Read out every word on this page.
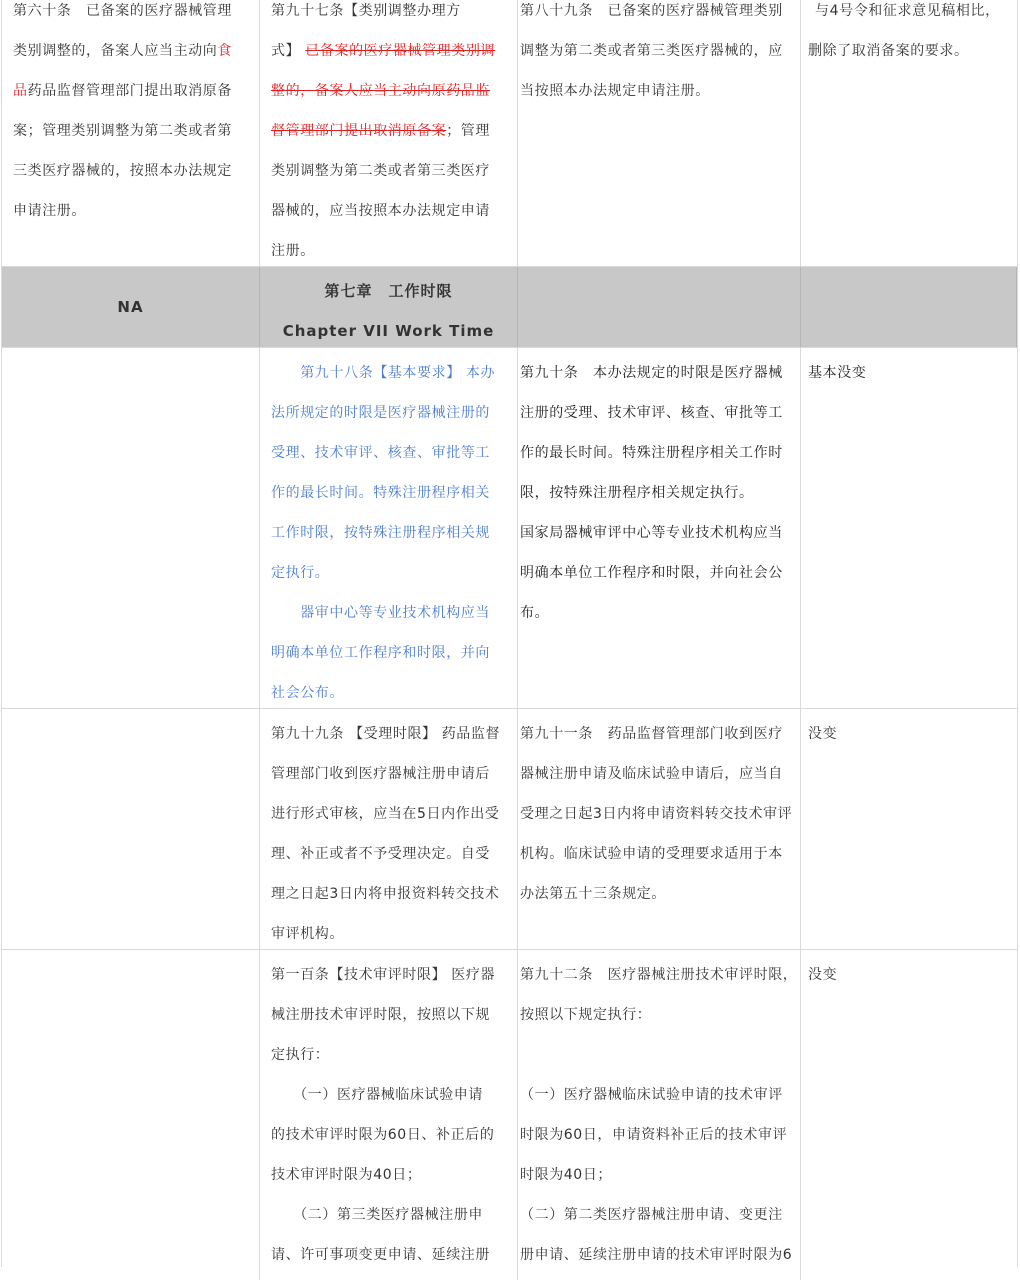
第六十条　已备案的医疗器械管理
类别调整的，备案人应当主动向食
品药品监督管理部门提出取消原备
案；管理类别调整为第二类或者第
三类医疗器械的，按照本办法规定
申请注册。
第九十七条【类别调整办理方
式】 已备案的医疗器械管理类别调
整的，备案人应当主动向原药品监
督管理部门提出取消原备案；管理
类别调整为第二类或者第三类医疗
器械的，应当按照本办法规定申请
注册。
第八十九条　已备案的医疗器械管理类别
调整为第二类或者第三类医疗器械的，应
当按照本办法规定申请注册。
与4号令和征求意见稿相比，
删除了取消备案的要求。
NA
第七章　工作时限
Chapter VII Work Time
　　第九十八条【基本要求】 本办
法所规定的时限是医疗器械注册的
受理、技术审评、核查、审批等工
作的最长时间。特殊注册程序相关
工作时限，按特殊注册程序相关规
定执行。
　　器审中心等专业技术机构应当
明确本单位工作程序和时限，并向
社会公布。
第九十条　本办法规定的时限是医疗器械
注册的受理、技术审评、核查、审批等工
作的最长时间。特殊注册程序相关工作时
限，按特殊注册程序相关规定执行。
国家局器械审评中心等专业技术机构应当
明确本单位工作程序和时限，并向社会公
布。
基本没变
第九十九条 【受理时限】 药品监督
管理部门收到医疗器械注册申请后
进行形式审核，应当在5日内作出受
理、补正或者不予受理决定。自受
理之日起3日内将申报资料转交技术
审评机构。
第九十一条　药品监督管理部门收到医疗
器械注册申请及临床试验申请后，应当自
受理之日起3日内将申请资料转交技术审评
机构。临床试验申请的受理要求适用于本
办法第五十三条规定。
没变
第一百条【技术审评时限】 医疗器
械注册技术审评时限，按照以下规
定执行：
　　（一）医疗器械临床试验申请
的技术审评时限为60日、补正后的
技术审评时限为40日；
　　（二）第三类医疗器械注册申
请、许可事项变更申请、延续注册
第九十二条　医疗器械注册技术审评时限，
按照以下规定执行：

（一）医疗器械临床试验申请的技术审评
时限为60日，申请资料补正后的技术审评
时限为40日；
（二）第二类医疗器械注册申请、变更注
册申请、延续注册申请的技术审评时限为6
没变
